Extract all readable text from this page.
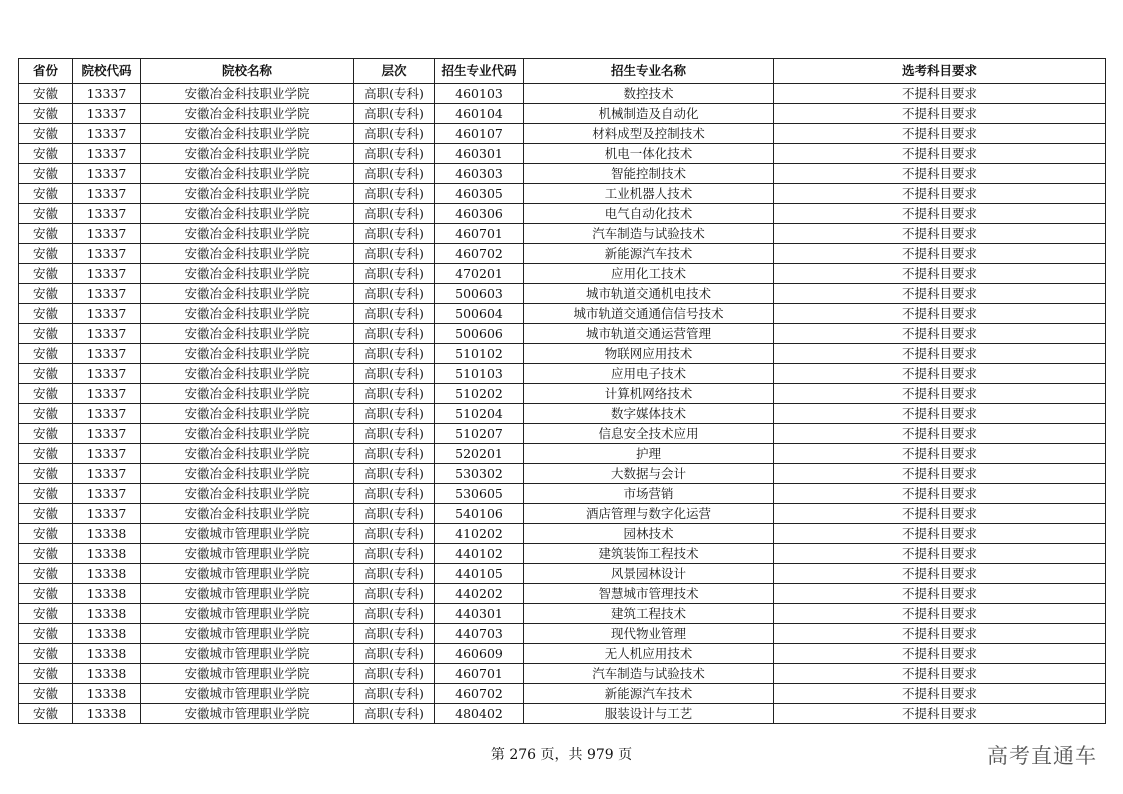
省份	院校代码	院校名称	层次	招生专业代码	招生专业名称	选考科目要求
安徽	13337	安徽冶金科技职业学院	高职(专科)	460103	数控技术	不提科目要求
安徽	13337	安徽冶金科技职业学院	高职(专科)	460104	机械制造及自动化	不提科目要求
安徽	13337	安徽冶金科技职业学院	高职(专科)	460107	材料成型及控制技术	不提科目要求
安徽	13337	安徽冶金科技职业学院	高职(专科)	460301	机电一体化技术	不提科目要求
安徽	13337	安徽冶金科技职业学院	高职(专科)	460303	智能控制技术	不提科目要求
安徽	13337	安徽冶金科技职业学院	高职(专科)	460305	工业机器人技术	不提科目要求
安徽	13337	安徽冶金科技职业学院	高职(专科)	460306	电气自动化技术	不提科目要求
安徽	13337	安徽冶金科技职业学院	高职(专科)	460701	汽车制造与试验技术	不提科目要求
安徽	13337	安徽冶金科技职业学院	高职(专科)	460702	新能源汽车技术	不提科目要求
安徽	13337	安徽冶金科技职业学院	高职(专科)	470201	应用化工技术	不提科目要求
安徽	13337	安徽冶金科技职业学院	高职(专科)	500603	城市轨道交通机电技术	不提科目要求
安徽	13337	安徽冶金科技职业学院	高职(专科)	500604	城市轨道交通通信信号技术	不提科目要求
安徽	13337	安徽冶金科技职业学院	高职(专科)	500606	城市轨道交通运营管理	不提科目要求
安徽	13337	安徽冶金科技职业学院	高职(专科)	510102	物联网应用技术	不提科目要求
安徽	13337	安徽冶金科技职业学院	高职(专科)	510103	应用电子技术	不提科目要求
安徽	13337	安徽冶金科技职业学院	高职(专科)	510202	计算机网络技术	不提科目要求
安徽	13337	安徽冶金科技职业学院	高职(专科)	510204	数字媒体技术	不提科目要求
安徽	13337	安徽冶金科技职业学院	高职(专科)	510207	信息安全技术应用	不提科目要求
安徽	13337	安徽冶金科技职业学院	高职(专科)	520201	护理	不提科目要求
安徽	13337	安徽冶金科技职业学院	高职(专科)	530302	大数据与会计	不提科目要求
安徽	13337	安徽冶金科技职业学院	高职(专科)	530605	市场营销	不提科目要求
安徽	13337	安徽冶金科技职业学院	高职(专科)	540106	酒店管理与数字化运营	不提科目要求
安徽	13338	安徽城市管理职业学院	高职(专科)	410202	园林技术	不提科目要求
安徽	13338	安徽城市管理职业学院	高职(专科)	440102	建筑装饰工程技术	不提科目要求
安徽	13338	安徽城市管理职业学院	高职(专科)	440105	风景园林设计	不提科目要求
安徽	13338	安徽城市管理职业学院	高职(专科)	440202	智慧城市管理技术	不提科目要求
安徽	13338	安徽城市管理职业学院	高职(专科)	440301	建筑工程技术	不提科目要求
安徽	13338	安徽城市管理职业学院	高职(专科)	440703	现代物业管理	不提科目要求
安徽	13338	安徽城市管理职业学院	高职(专科)	460609	无人机应用技术	不提科目要求
安徽	13338	安徽城市管理职业学院	高职(专科)	460701	汽车制造与试验技术	不提科目要求
安徽	13338	安徽城市管理职业学院	高职(专科)	460702	新能源汽车技术	不提科目要求
安徽	13338	安徽城市管理职业学院	高职(专科)	480402	服装设计与工艺	不提科目要求
第 276 页，共 979 页	高考直通车
